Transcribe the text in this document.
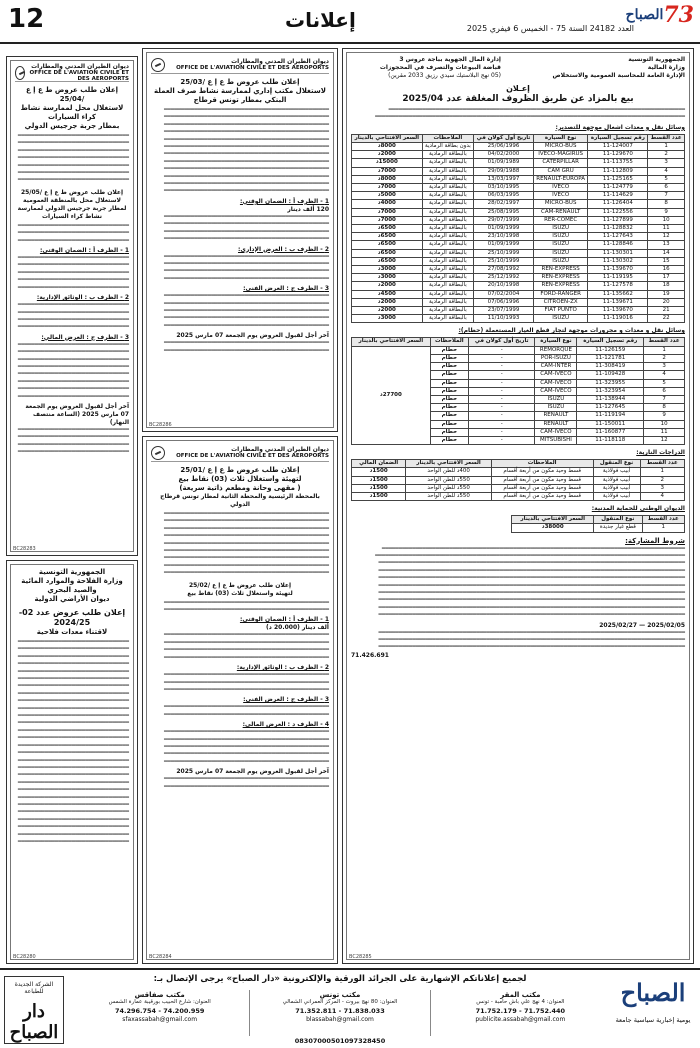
12	إعلانات	العدد 24182 السنة 75 - الخميس 6 فيفري 2025
الصباح 73
ديوان الطيران المدني والمطارات
OFFICE DE L'AVIATION CIVILE ET DES AEROPORTS
إعلان طلب عروض ط ع إ ع /25/04
لاستغلال محل لممارسة نشاط كراء السيارات
بمطار جربة جرجيس الدولي
━━━━━━━━━━━━━━━━━━━━━━━━━━━━━━━━━ ━━━━━━━━━━━━━━━━━━━━━━━━━━━━━━━━━ ━━━━━━━━━━━━━━━━━━━━━━━━━━━━━━━━━ ━━━━━━━━━━━━━━━━━━━━━━━━━━━━━━━━━ ━━━━━━━━━━━━━━━━━━━━━━━━━━━━━━━━━ ━━━━━━━━━━━━━━━━━━━━━━━━━━━━━━━━━ ━━━━━━━━━━━━━━━━━━━━━━━━━━━━━━━━━
إعلان طلب عروض ط ع إ ع /25/05
لاستغلال محل بالمنطقة العمومية
لمطار جربة جرجيس الدولي لممارسة نشاط كراء السيارات
━━━━━━━━━━━━━━━━━━━━━━━━━━━━━━━━━ ━━━━━━━━━━━━━━━━━━━━━━━━━━━━━━━━━ ━━━━━━━━━━━━━━━━━━━━━━━━━━━━━━━━━
1 - الظرف أ : الضمان الوقتي:
━━━━━━━━━━━━━━━━━━━━━━━━━━━━━━━━━ ━━━━━━━━━━━━━━━━━━━━━━━━━━━━━━━━━ ━━━━━━━━━━━━━━━━━━━━━━━━━━━━━━━━━ ━━━━━━━━━━━━━━━━━━━━━━━━━━━━━━━━━ ━━━━━━━━━━━━━━━━━━━━━━━━━━━━━━━━━
2 - الظرف ب : الوثائق الإدارية:
━━━━━━━━━━━━━━━━━━━━━━━━━━━━━━━━━ ━━━━━━━━━━━━━━━━━━━━━━━━━━━━━━━━━ ━━━━━━━━━━━━━━━━━━━━━━━━━━━━━━━━━ ━━━━━━━━━━━━━━━━━━━━━━━━━━━━━━━━━
3 - الظرف ج : العرض المالي:
━━━━━━━━━━━━━━━━━━━━━━━━━━━━━━━━━ ━━━━━━━━━━━━━━━━━━━━━━━━━━━━━━━━━ ━━━━━━━━━━━━━━━━━━━━━━━━━━━━━━━━━ ━━━━━━━━━━━━━━━━━━━━━━━━━━━━━━━━━ ━━━━━━━━━━━━━━━━━━━━━━━━━━━━━━━━━ ━━━━━━━━━━━━━━━━━━━━━━━━━━━━━━━━━ ━━━━━━━━━━━━━━━━━━━━━━━━━━━━━━━━━ ━━━━━━━━━━━━━━━━━━━━━━━━━━━━━━━━━
آخر أجل لقبول العروض يوم الجمعة 07 مارس 2025 (الساعة منتصف النهار)
━━━━━━━━━━━━━━━━━━━━━━━━━━━━━━━━━ ━━━━━━━━━━━━━━━━━━━━━━━━━━━━━━━━━ ━━━━━━━━━━━━━━━━━━━━━━━━━━━━━━━━━ ━━━━━━━━━━━━━━━━━━━━━━━━━━━━━━━━━
BC28283
الجمهورية التونسية
وزارة الفلاحة والموارد المائية والصيد البحري
ديوان الأراضي الدولية
إعلان طلب عروض عدد 02-2024/25
لاقتناء معدات فلاحية
━━━━━━━━━━━━━━━━━━━━━━━━━━━━━━━━━ ━━━━━━━━━━━━━━━━━━━━━━━━━━━━━━━━━ ━━━━━━━━━━━━━━━━━━━━━━━━━━━━━━━━━ ━━━━━━━━━━━━━━━━━━━━━━━━━━━━━━━━━ ━━━━━━━━━━━━━━━━━━━━━━━━━━━━━━━━━ ━━━━━━━━━━━━━━━━━━━━━━━━━━━━━━━━━ ━━━━━━━━━━━━━━━━━━━━━━━━━━━━━━━━━ ━━━━━━━━━━━━━━━━━━━━━━━━━━━━━━━━━ ━━━━━━━━━━━━━━━━━━━━━━━━━━━━━━━━━ ━━━━━━━━━━━━━━━━━━━━━━━━━━━━━━━━━ ━━━━━━━━━━━━━━━━━━━━━━━━━━━━━━━━━ ━━━━━━━━━━━━━━━━━━━━━━━━━━━━━━━━━ ━━━━━━━━━━━━━━━━━━━━━━━━━━━━━━━━━ ━━━━━━━━━━━━━━━━━━━━━━━━━━━━━━━━━ ━━━━━━━━━━━━━━━━━━━━━━━━━━━━━━━━━ ━━━━━━━━━━━━━━━━━━━━━━━━━━━━━━━━━ ━━━━━━━━━━━━━━━━━━━━━━━━━━━━━━━━━ ━━━━━━━━━━━━━━━━━━━━━━━━━━━━━━━━━ ━━━━━━━━━━━━━━━━━━━━━━━━━━━━━━━━━ ━━━━━━━━━━━━━━━━━━━━━━━━━━━━━━━━━ ━━━━━━━━━━━━━━━━━━━━━━━━━━━━━━━━━ ━━━━━━━━━━━━━━━━━━━━━━━━━━━━━━━━━ ━━━━━━━━━━━━━━━━━━━━━━━━━━━━━━━━━ ━━━━━━━━━━━━━━━━━━━━━━━━━━━━━━━━━ ━━━━━━━━━━━━━━━━━━━━━━━━━━━━━━━━━ ━━━━━━━━━━━━━━━━━━━━━━━━━━━━━━━━━ ━━━━━━━━━━━━━━━━━━━━━━━━━━━━━━━━━ ━━━━━━━━━━━━━━━━━━━━━━━━━━━━━━━━━
BC28280
ديوان الطيران المدني والمطارات
OFFICE DE L'AVIATION CIVILE ET DES AEROPORTS
إعلان طلب عروض ط ع إ ع /25/03
لاستغلال مكتب إداري لممارسة نشاط صرف العملة
البنكي بمطار تونس قرطاج
━━━━━━━━━━━━━━━━━━━━━━━━━━━━━━━━━━━━━━━━━━━━━━━━━ ━━━━━━━━━━━━━━━━━━━━━━━━━━━━━━━━━━━━━━━━━━━━━━━━━ ━━━━━━━━━━━━━━━━━━━━━━━━━━━━━━━━━━━━━━━━━━━━━━━━━ ━━━━━━━━━━━━━━━━━━━━━━━━━━━━━━━━━━━━━━━━━━━━━━━━━ ━━━━━━━━━━━━━━━━━━━━━━━━━━━━━━━━━━━━━━━━━━━━━━━━━ ━━━━━━━━━━━━━━━━━━━━━━━━━━━━━━━━━━━━━━━━━━━━━━━━━ ━━━━━━━━━━━━━━━━━━━━━━━━━━━━━━━━━━━━━━━━━━━━━━━━━ ━━━━━━━━━━━━━━━━━━━━━━━━━━━━━━━━━━━━━━━━━━━━━━━━━ ━━━━━━━━━━━━━━━━━━━━━━━━━━━━━━━━━━━━━━━━━━━━━━━━━ ━━━━━━━━━━━━━━━━━━━━━━━━━━━━━━━━━━━━━━━━━━━━━━━━━ ━━━━━━━━━━━━━━━━━━━━━━━━━━━━━━━━━━━━━━━━━━━━━━━━━ ━━━━━━━━━━━━━━━━━━━━━━━━━━━━━━━━━━━━━━━━━━━━━━━━━
1 - الظرف أ : الضمان الوقتي:
120 ألف دينار
━━━━━━━━━━━━━━━━━━━━━━━━━━━━━━━━━━━━━━━━━━━━━━━━━ ━━━━━━━━━━━━━━━━━━━━━━━━━━━━━━━━━━━━━━━━━━━━━━━━━ ━━━━━━━━━━━━━━━━━━━━━━━━━━━━━━━━━━━━━━━━━━━━━━━━━ ━━━━━━━━━━━━━━━━━━━━━━━━━━━━━━━━━━━━━━━━━━━━━━━━━
2 - الظرف ب : العرض الإداري:
━━━━━━━━━━━━━━━━━━━━━━━━━━━━━━━━━━━━━━━━━━━━━━━━━ ━━━━━━━━━━━━━━━━━━━━━━━━━━━━━━━━━━━━━━━━━━━━━━━━━ ━━━━━━━━━━━━━━━━━━━━━━━━━━━━━━━━━━━━━━━━━━━━━━━━━ ━━━━━━━━━━━━━━━━━━━━━━━━━━━━━━━━━━━━━━━━━━━━━━━━━
3 - الظرف ج : العرض الفني:
━━━━━━━━━━━━━━━━━━━━━━━━━━━━━━━━━━━━━━━━━━━━━━━━━ ━━━━━━━━━━━━━━━━━━━━━━━━━━━━━━━━━━━━━━━━━━━━━━━━━ ━━━━━━━━━━━━━━━━━━━━━━━━━━━━━━━━━━━━━━━━━━━━━━━━━ ━━━━━━━━━━━━━━━━━━━━━━━━━━━━━━━━━━━━━━━━━━━━━━━━━ ━━━━━━━━━━━━━━━━━━━━━━━━━━━━━━━━━━━━━━━━━━━━━━━━━
آخر أجل لقبول العروض يوم الجمعة 07 مارس 2025
━━━━━━━━━━━━━━━━━━━━━━━━━━━━━━━━━━━━━━━━━━━━━━━━━ ━━━━━━━━━━━━━━━━━━━━━━━━━━━━━━━━━━━━━━━━━━━━━━━━━
BC28286
ديوان الطيران المدني والمطارات
OFFICE DE L'AVIATION CIVILE ET DES AEROPORTS
إعلان طلب عروض ط ع إ ع /25/01
لتهيئة واستغلال ثلاث (03) نقاط بيع
( مقهى وحانة ومطعم ذاتية سريعة)
بالمحطة الرئيسية والمحطة الثانية لمطار تونس قرطاج الدولي
━━━━━━━━━━━━━━━━━━━━━━━━━━━━━━━━━━━━━━━━━━━━━━━━━ ━━━━━━━━━━━━━━━━━━━━━━━━━━━━━━━━━━━━━━━━━━━━━━━━━ ━━━━━━━━━━━━━━━━━━━━━━━━━━━━━━━━━━━━━━━━━━━━━━━━━ ━━━━━━━━━━━━━━━━━━━━━━━━━━━━━━━━━━━━━━━━━━━━━━━━━ ━━━━━━━━━━━━━━━━━━━━━━━━━━━━━━━━━━━━━━━━━━━━━━━━━ ━━━━━━━━━━━━━━━━━━━━━━━━━━━━━━━━━━━━━━━━━━━━━━━━━ ━━━━━━━━━━━━━━━━━━━━━━━━━━━━━━━━━━━━━━━━━━━━━━━━━ ━━━━━━━━━━━━━━━━━━━━━━━━━━━━━━━━━━━━━━━━━━━━━━━━━ ━━━━━━━━━━━━━━━━━━━━━━━━━━━━━━━━━━━━━━━━━━━━━━━━━
إعلان طلب عروض ط ع إ ع /25/02
لتهيئة واستغلال ثلاث (03) نقاط بيع
━━━━━━━━━━━━━━━━━━━━━━━━━━━━━━━━━━━━━━━━━━━━━━━━━ ━━━━━━━━━━━━━━━━━━━━━━━━━━━━━━━━━━━━━━━━━━━━━━━━━
1 - الظرف أ : الضمان الوقتي:
ألف دينار (20.000 د)
━━━━━━━━━━━━━━━━━━━━━━━━━━━━━━━━━━━━━━━━━━━━━━━━━ ━━━━━━━━━━━━━━━━━━━━━━━━━━━━━━━━━━━━━━━━━━━━━━━━━ ━━━━━━━━━━━━━━━━━━━━━━━━━━━━━━━━━━━━━━━━━━━━━━━━━ ━━━━━━━━━━━━━━━━━━━━━━━━━━━━━━━━━━━━━━━━━━━━━━━━━
2 - الظرف ب : الوثائق الإدارية:
━━━━━━━━━━━━━━━━━━━━━━━━━━━━━━━━━━━━━━━━━━━━━━━━━ ━━━━━━━━━━━━━━━━━━━━━━━━━━━━━━━━━━━━━━━━━━━━━━━━━ ━━━━━━━━━━━━━━━━━━━━━━━━━━━━━━━━━━━━━━━━━━━━━━━━━
3 - الظرف ج : العرض الفني:
━━━━━━━━━━━━━━━━━━━━━━━━━━━━━━━━━━━━━━━━━━━━━━━━━ ━━━━━━━━━━━━━━━━━━━━━━━━━━━━━━━━━━━━━━━━━━━━━━━━━
4 - الظرف د : العرض المالي:
━━━━━━━━━━━━━━━━━━━━━━━━━━━━━━━━━━━━━━━━━━━━━━━━━ ━━━━━━━━━━━━━━━━━━━━━━━━━━━━━━━━━━━━━━━━━━━━━━━━━ ━━━━━━━━━━━━━━━━━━━━━━━━━━━━━━━━━━━━━━━━━━━━━━━━━ ━━━━━━━━━━━━━━━━━━━━━━━━━━━━━━━━━━━━━━━━━━━━━━━━━ ━━━━━━━━━━━━━━━━━━━━━━━━━━━━━━━━━━━━━━━━━━━━━━━━━
آخر أجل لقبول العروض يوم الجمعة 07 مارس 2025
━━━━━━━━━━━━━━━━━━━━━━━━━━━━━━━━━━━━━━━━━━━━━━━━━ ━━━━━━━━━━━━━━━━━━━━━━━━━━━━━━━━━━━━━━━━━━━━━━━━━
BC28284
إدارة المال الجهوية بباجة عروس 3
قباضة البيوعات والتصرف في المحجوزات
(05 نهج البلاستيك سيدي رزيق 2033 مقرين)
الجمهورية التونسية
وزارة المالية
الإدارة العامة للمحاسبة العمومية والاستخلاص
إعـلان
بيع بالمزاد عن طريق الظروف المغلقة عدد 2025/04
━━━━━━━━━━━━━━━━━━━━━━━━━━━━━━━━━━━━━━━━━━━━━━━━━━━━━━━━━━━━━━━━━━━━━━━━━━━━━━━━━━━━━━━━ ━━━━━━━━━━━━━━━━━━━━━━━━━━━━━━━━━━━━━━━━━━━━━━━━━━━━━━━━━━━━━━━━━━━━━━━━━━━━━━━━━━━━━━━━━━━━
وسائل نقل و معدات اشغال موجهة للتصدير:
عدد القسط	رقم تسجيل السيارة	نوع السيارة	تاريخ أول كولان في	الملاحظات	السعر الافتتاحي بالدينار
1	11-124007	MICRO-BUS	25/06/1996	بدون بطاقة الرمادية	8000د
2	11-129670	IVECO-MAGIRUS	04/02/2000	بالبطاقة الرمادية	2000د
3	11-113755	CATERPILLAR	01/09/1989	بالبطاقة الرمادية	15000د
4	11-112809	CAM GRU	29/09/1988	بالبطاقة الرمادية	7000د
5	11-125165	RENAULT-EUROPA	13/03/1997	بالبطاقة الرمادية	8000د
6	11-124779	IVECO	03/10/1995	بالبطاقة الرمادية	7000د
7	11-114629	IVECO	06/03/1995	بالبطاقة الرمادية	5000د
8	11-126404	MICRO-BUS	28/02/1997	بالبطاقة الرمادية	4000د
9	11-122556	CAM-RENAULT	25/08/1995	بالبطاقة الرمادية	7000د
10	11-127899	RER-COMEC	29/07/1999	بالبطاقة الرمادية	7000د
11	11-128832	ISUZU	01/09/1999	بالبطاقة الرمادية	6500د
12	11-127643	ISUZU	23/10/1998	بالبطاقة الرمادية	6500د
13	11-128846	ISUZU	01/09/1999	بالبطاقة الرمادية	6500د
14	11-130301	ISUZU	25/10/1999	بالبطاقة الرمادية	6500د
15	11-130302	ISUZU	25/10/1999	بالبطاقة الرمادية	6500د
16	11-139670	REN-EXPRESS	27/08/1992	بالبطاقة الرمادية	3000د
17	11-119195	REN-EXPRESS	25/12/1992	بالبطاقة الرمادية	3000د
18	11-127578	REN-EXPRESS	20/10/1998	بالبطاقة الرمادية	2000د
19	11-135662	FORD-RANGER	07/02/2004	بالبطاقة الرمادية	4500د
20	11-139671	CITROEN-ZX	07/06/1996	بالبطاقة الرمادية	2000د
21	11-139670	FIAT PUNTO	23/07/1999	بالبطاقة الرمادية	2000د
22	11-119016	ISUZU	11/10/1993	بالبطاقة الرمادية	3000د
وسائل نقل و معدات و مجرورات موجهة لتجار قطع الغيار المستعملة (حطام):
عدد القسط	رقم تسجيل السيارة	نوع السيارة	تاريخ أول كولان في	الملاحظات	السعر الافتتاحي بالدينار
1	11-126159	REMORQUE	-	حطام	27700د
2	11-121781	POR-ISUZU	-	حطام	
3	11-308419	CAM-INTER	-	حطام	
4	11-109428	CAM-IVECO	-	حطام	
5	11-323955	CAM-IVECO	-	حطام	
6	11-323954	CAM-IVECO	-	حطام	
7	11-138944	ISUZU	-	حطام	
8	11-127645	ISUZU	-	حطام	
9	11-119194	RENAULT	-	حطام	
10	11-150011	RENAULT	-	حطام	
11	11-160877	CAM-IVECO	-	حطام	
12	11-118118	MITSUBISHI	-	حطام	
الدراجات النارية:
عدد القسط	نوع المنقول	الملاحظات	السعر الافتتاحي بالدينار	الضمان المالي
1	أبيب فولاذية	قسط وحيد مكون من أربعة أقسام	400د للطن الواحد	1500د
2	أبيب فولاذية	قسط وحيد مكون من أربعة أقسام	550د للطن الواحد	1500د
3	أبيب فولاذية	قسط وحيد مكون من أربعة أقسام	550د للطن الواحد	1500د
4	أبيب فولاذية	قسط وحيد مكون من أربعة أقسام	550د للطن الواحد	1500د
الديوان الوطني للحماية المدنية:
عدد القسط	نوع المنقول	السعر الافتتاحي بالدينار
1	قطع غيار جديدة	38000د
شروط المشاركة:
━━━━━━━━━━━━━━━━━━━━━━━━━━━━━━━━━━━━━━━━━━━━━━━━━━━━━━━━━━━━━━━━━━━━━━━━━━━━━━━━━━━━━━━━━━ ━━━━━━━━━━━━━━━━━━━━━━━━━━━━━━━━━━━━━━━━━━━━━━━━━━━━━━━━━━━━━━━━━━━━━━━━━━━━━━━━━━━━━━━━━━━━ ━━━━━━━━━━━━━━━━━━━━━━━━━━━━━━━━━━━━━━━━━━━━━━━━━━━━━━━━━━━━━━━━━━━━━━━━━━━━━━━━━━━━━━━━━━━ ━━━━━━━━━━━━━━━━━━━━━━━━━━━━━━━━━━━━━━━━━━━━━━━━━━━━━━━━━━━━━━━━━━━━━━━━━━━━━━━━━━━━━━━━━━━ ━━━━━━━━━━━━━━━━━━━━━━━━━━━━━━━━━━━━━━━━━━━━━━━━━━━━━━━━━━━━━━━━━━━━━━━━━━━━━━━━━━━━━━━━━━━ ━━━━━━━━━━━━━━━━━━━━━━━━━━━━━━━━━━━━━━━━━━━━━━━━━━━━━━━━━━━━━━━━━━━━━━━━━━━━━━━━━━━━━━━━━━━ ━━━━━━━━━━━━━━━━━━━━━━━━━━━━━━━━━━━━━━━━━━━━━━━━━━━━━━━━━━━━━━━━━━━━━━━━━━━━━━━━━━━━━━━━━━━ ━━━━━━━━━━━━━━━━━━━━━━━━━━━━━━━━━━━━━━━━━━━━━━━━━━━━━━━━━━━━━━━━━━━━━━━━━━━━━━━━━━━━━━━━━━━ ━━━━━━━━━━━━━━━━━━━━━━━━━━━━━━━━━━━━━━━━━━━━━━━━━━━━━━━━━━━━━━━━━━━━━━━━━━━━━━━━━━━━━━━━━━━ ━━━━━━━━━━━━━━━━━━━━━━━━━━━━━━━━━━━━━━━━━━━━━━━━━━━━━━━━━━━━━━━━━━━━━━━━━━━━━━━━━━━━━━━━━━━
2025/02/05 — 2025/02/27
━━━━━━━━━━━━━━━━━━━━━━━━━━━━━━━━━━━━━━━━━━━━━━━━━━━━━━━━━━━━━━━━━━━━━━━━━━━━━━━━━━━━━━━━━━━ ━━━━━━━━━━━━━━━━━━━━━━━━━━━━━━━━━━━━━━━━━━━━━━━━━━━━━━━━━━━━━━━━━━━━━━━━━━━━━━━━━━━━━━━━━━━ ━━━━━━━━━━━━━━━━━━━━━━━━━━━━━━━━━━━━━━━━━━━━━━━━━━━━━━━━━━━━━━━━━━━━━━━━━━━━━━━━━━━━━━━━━━━
71.426.691
BC28285
الشركة الجديدة للطباعة
دار الصباح
لجميع إعلاناتكم الإشهارية على الجرائد الورقية والإلكترونية «دار الصباح» يرجى الإتصال بـ:
مكتب المقر
العنوان: 4 نهج علي باش حامبة - تونس
71.752.179 - 71.752.440
publicite.assabah@gmail.com
مكتب تونس
العنوان: 80 نهج بيروت - المركز العمراني الشمالي
71.352.811 - 71.838.033
blassabah@gmail.com
مكتب صفاقس
العنوان: شارع الحبيب بورقيبة عمارة الشمس
74.296.754 - 74.200.959
sfaxassabah@gmail.com
08307000501097328450
الصباح
يومية إخبارية سياسية جامعة
